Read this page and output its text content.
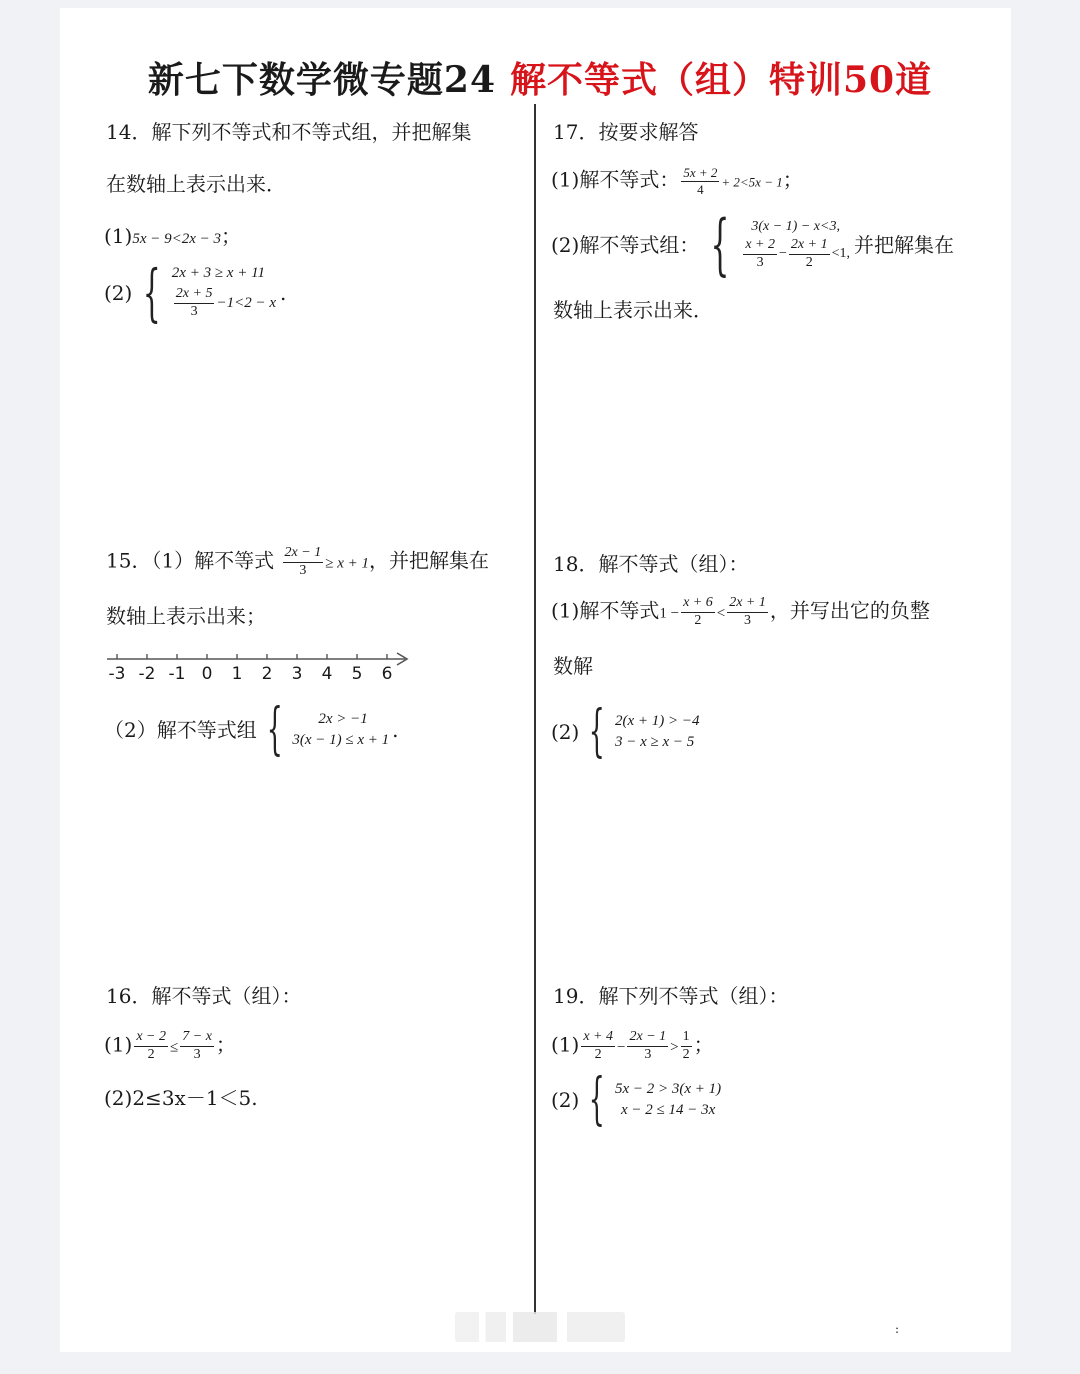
新七下数学微专题24 解不等式（组）特训50道
14．解下列不等式和不等式组，并把解集
在数轴上表示出来．
(1)5x − 9<2x − 3；
(2) { 2x + 3 ≥ x + 11
$\frac{2x + 5}{3} -1<2 - x$ .
15．（1）解不等式 $\frac{2x - 1}{3} \ge x + 1$，并把解集在
数轴上表示出来；
-3 -2 -1 0 1 2 3 4 5 6
（2）解不等式组 {	2x > −1
3(x − 1) ≤ x + 1 .
16．解不等式（组）：
$(1) \frac{x - 2}{2} \le \frac{7 - x}{3}$ ；
(2)2≤3x－1＜5.
17．按要求解答
(1)解不等式： $\frac{5x + 2}{4} + 2<5x - 1$；
(2)解不等式组： {	3(x − 1) − x<3,
$\frac{x + 2}{3} - \frac{2x + 1}{2} <1$, 并把解集在
数轴上表示出来．
18．解不等式（组）：
(1)解不等式$1 - \frac{x + 6}{2} < \frac{2x + 1}{3}$ ，并写出它的负整
数解
(2) { 2(x + 1) > −4
3 − x ≥ x − 5
19．解下列不等式（组）：
$(1) \frac{x + 4}{2} - \frac{2x - 1}{3} > \frac{1}{2}$ ；
(2) { 5x − 2 > 3(x + 1)
x − 2 ≤ 14 − 3x
:
